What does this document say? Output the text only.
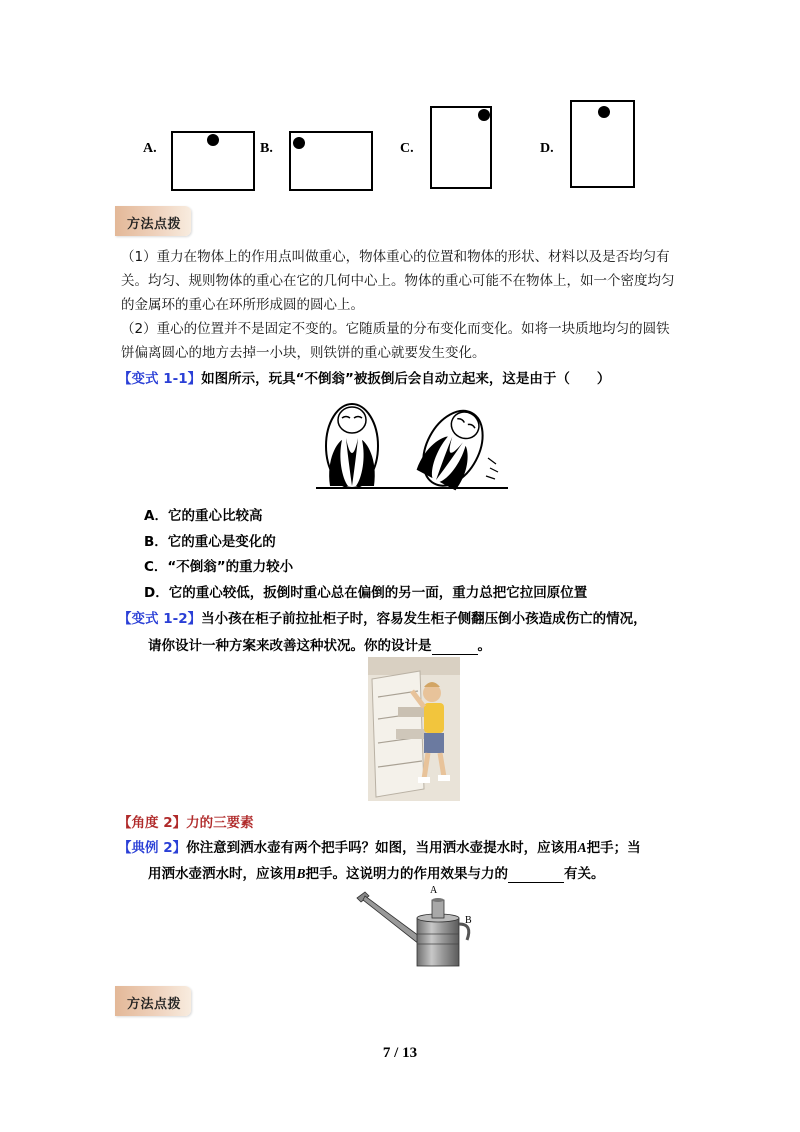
A.	B.	C.	D.
方法点拨
（1）重力在物体上的作用点叫做重心，物体重心的位置和物体的形状、材料以及是否均匀有关。均匀、规则物体的重心在它的几何中心上。物体的重心可能不在物体上，如一个密度均匀的金属环的重心在环所形成圆的圆心上。
（2）重心的位置并不是固定不变的。它随质量的分布变化而变化。如将一块质地均匀的圆铁饼偏离圆心的地方去掉一小块，则铁饼的重心就要发生变化。
【变式 1-1】如图所示，玩具“不倒翁”被扳倒后会自动立起来，这是由于（　　）
A．它的重心比较高
B．它的重心是变化的
C．“不倒翁”的重力较小
D．它的重心较低，扳倒时重心总在偏倒的另一面，重力总把它拉回原位置
【变式 1-2】当小孩在柜子前拉扯柜子时，容易发生柜子侧翻压倒小孩造成伤亡的情况，
请你设计一种方案来改善这种状况。你的设计是	。
【角度 2】力的三要素
【典例 2】你注意到洒水壶有两个把手吗？如图，当用洒水壶提水时，应该用A把手；当
用洒水壶洒水时，应该用B把手。这说明力的作用效果与力的	有关。
A
B
方法点拨
7 / 13
